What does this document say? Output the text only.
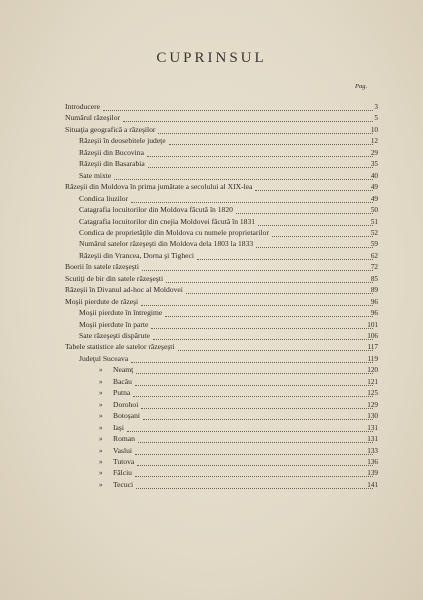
CUPRINSUL
Pag.
Introducere	3
Numărul răzeşilor	5
Situaţia geografică a răzeşilor	10
Răzeşii în deosebitele judeţe	12
Răzeşii din Bucovina	29
Răzeşii din Basarabia	35
Sate mixte	40
Răzeşii din Moldova în prima jumătate a secolului al XIX-lea	49
Condica liuzilor	49
Catagrafia locuitorilor din Moldova făcută în 1820	50
Catagrafia locuitorilor din cnejia Moldovei făcută în 1831	51
Condica de proprietăţile din Moldova cu numele proprietarilor	52
Numărul satelor răzeşeşti din Moldova dela 1803 la 1833	59
Răzeşii din Vrancea, Dorna şi Tigheci	62
Boerii în satele răzeşeşti	72
Scutiţi de bir din satele răzeşeşti	85
Răzeşii în Divanul ad-hoc al Moldovei	89
Moşii pierdute de răzeşi	96
Moşii pierdute în întregime	96
Moşii pierdute în parte	101
Sate răzeşeşti dispărute	106
Tabele statistice ale satelor răzeşeşti	117
Judeţul Suceava	119
» Neamţ	120
» Bacău	121
» Putna	125
» Dorohoi	129
» Botoşani	130
» Iaşi	131
» Roman	131
» Vaslui	133
» Tutova	136
» Fălciu	139
» Tecuci	141
